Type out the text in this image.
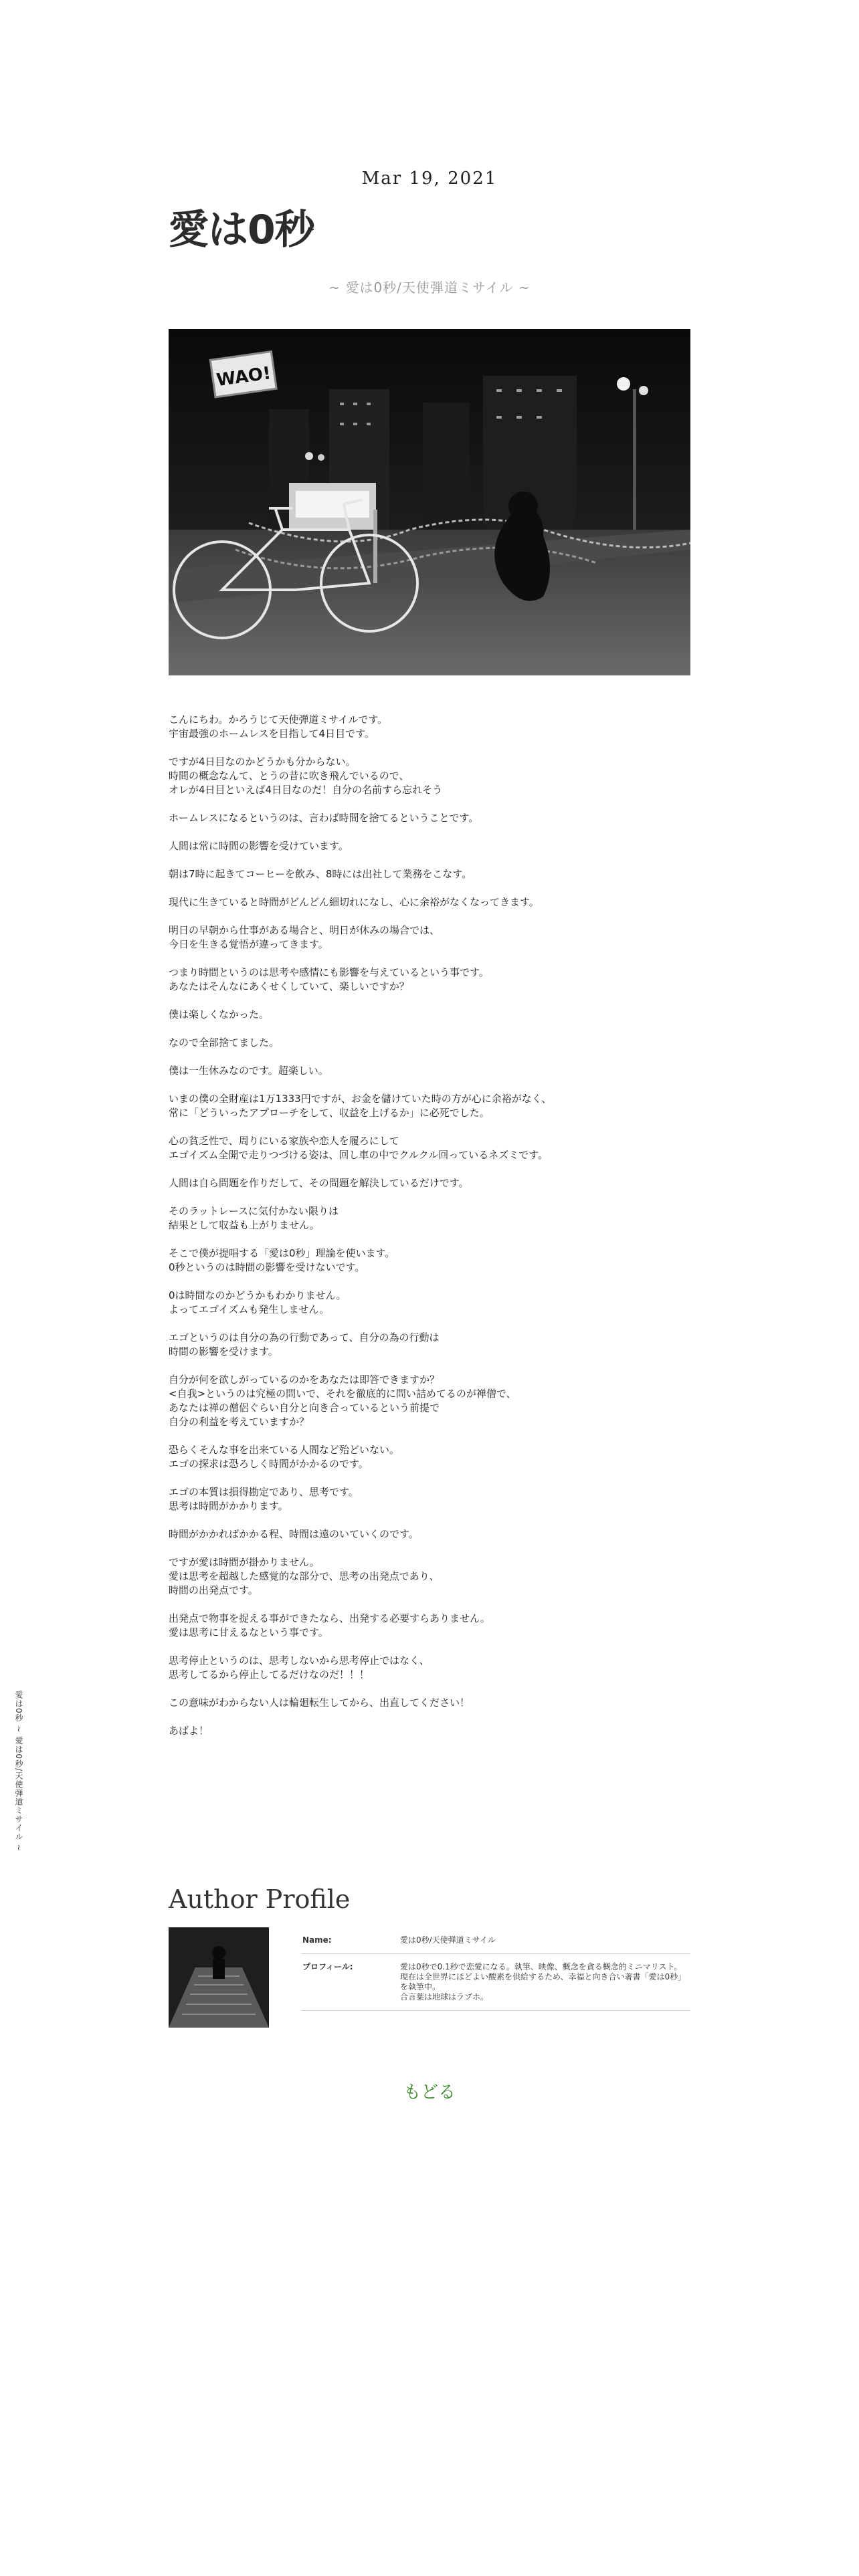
Mar 19, 2021
愛は0秒
~ 愛は0秒/天使弾道ミサイル ~
WAO!

こんにちわ。かろうじて天使弾道ミサイルです。
宇宙最強のホームレスを目指して4日目です。

ですが4日目なのかどうかも分からない。
時間の概念なんて、とうの昔に吹き飛んでいるので、
オレが4日目といえば4日目なのだ！自分の名前すら忘れそう

ホームレスになるというのは、言わば時間を捨てるということです。

人間は常に時間の影響を受けています。

朝は7時に起きてコーヒーを飲み、8時には出社して業務をこなす。

現代に生きていると時間がどんどん細切れになし、心に余裕がなくなってきます。

明日の早朝から仕事がある場合と、明日が休みの場合では、
今日を生きる覚悟が違ってきます。

つまり時間というのは思考や感情にも影響を与えているという事です。
あなたはそんなにあくせくしていて、楽しいですか？

僕は楽しくなかった。

なので全部捨てました。

僕は一生休みなのです。超楽しい。

いまの僕の全財産は1万1333円ですが、お金を儲けていた時の方が心に余裕がなく、
常に「どういったアプローチをして、収益を上げるか」に必死でした。

心の貧乏性で、周りにいる家族や恋人を履ろにして
エゴイズム全開で走りつづける姿は、回し車の中でクルクル回っているネズミです。

人間は自ら問題を作りだして、その問題を解決しているだけです。

そのラットレースに気付かない限りは
結果として収益も上がりません。

そこで僕が提唱する「愛は0秒」理論を使います。
0秒というのは時間の影響を受けないです。

0は時間なのかどうかもわかりません。
よってエゴイズムも発生しません。

エゴというのは自分の為の行動であって、自分の為の行動は
時間の影響を受けます。

自分が何を欲しがっているのかをあなたは即答できますか？
<自我>というのは究極の問いで、それを徹底的に問い詰めてるのが禅僧で、
あなたは禅の僧侶ぐらい自分と向き合っているという前提で
自分の利益を考えていますか？

恐らくそんな事を出来ている人間など殆どいない。
エゴの探求は恐ろしく時間がかかるのです。

エゴの本質は損得勘定であり、思考です。
思考は時間がかかります。

時間がかかればかかる程、時間は遠のいていくのです。

ですが愛は時間が掛かりません。
愛は思考を超越した感覚的な部分で、思考の出発点であり、
時間の出発点です。

出発点で物事を捉える事ができたなら、出発する必要すらありません。
愛は思考に甘えるなという事です。

思考停止というのは、思考しないから思考停止ではなく、
思考してるから停止してるだけなのだ！！！

この意味がわからない人は輪廻転生してから、出直してください！

あばよ！

愛は0秒 ~ 愛は0秒/天使弾道ミサイル ~
Author Profile
Name:	愛は0秒/天使弾道ミサイル

プロフィール:	愛は0秒で0.1秒で恋愛になる。執筆、映像、概念を貪る概念的ミニマリスト。
現在は全世界にほどよい酸素を供給するため、幸福と向き合い著書「愛は0秒」を執筆中。
合言葉は地球はラブホ。
もどる
